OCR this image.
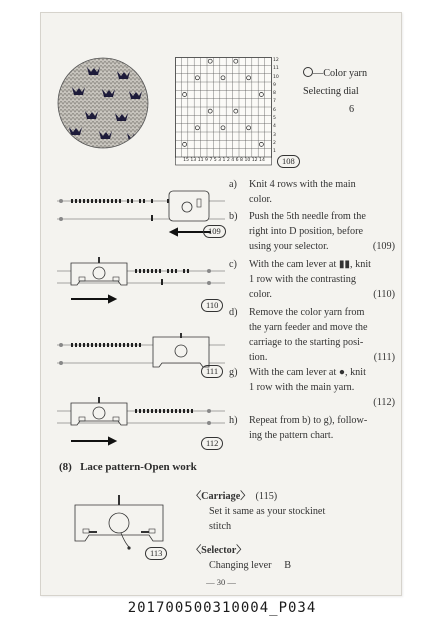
15 13 11 9 7 5 3 1 2 4 6 8 10 12 14
12
11
10
9
8
7
6
5
4
3
2
1
108
—Color yarn
Selecting dial
6
109
110
111
112
a) Knit 4 rows with the main
color.
b) Push the 5th needle from the
right into D position, before
using your selector.	(109)
c) With the cam lever at ▮▮, knit
1 row with the contrasting
color.	(110)
d) Remove the color yarn from
the yarn feeder and move the
carriage to the starting posi-
tion.	(111)
g) With the cam lever at ●, knit
1 row with the main yarn.
(112)
h) Repeat from b) to g), follow-
ing the pattern chart.
(8) Lace pattern-Open work
113
〈Carriage〉 (115)
Set it same as your stockinet
stitch
〈Selector〉
Changing lever B
— 30 —
201700500310004_P034
